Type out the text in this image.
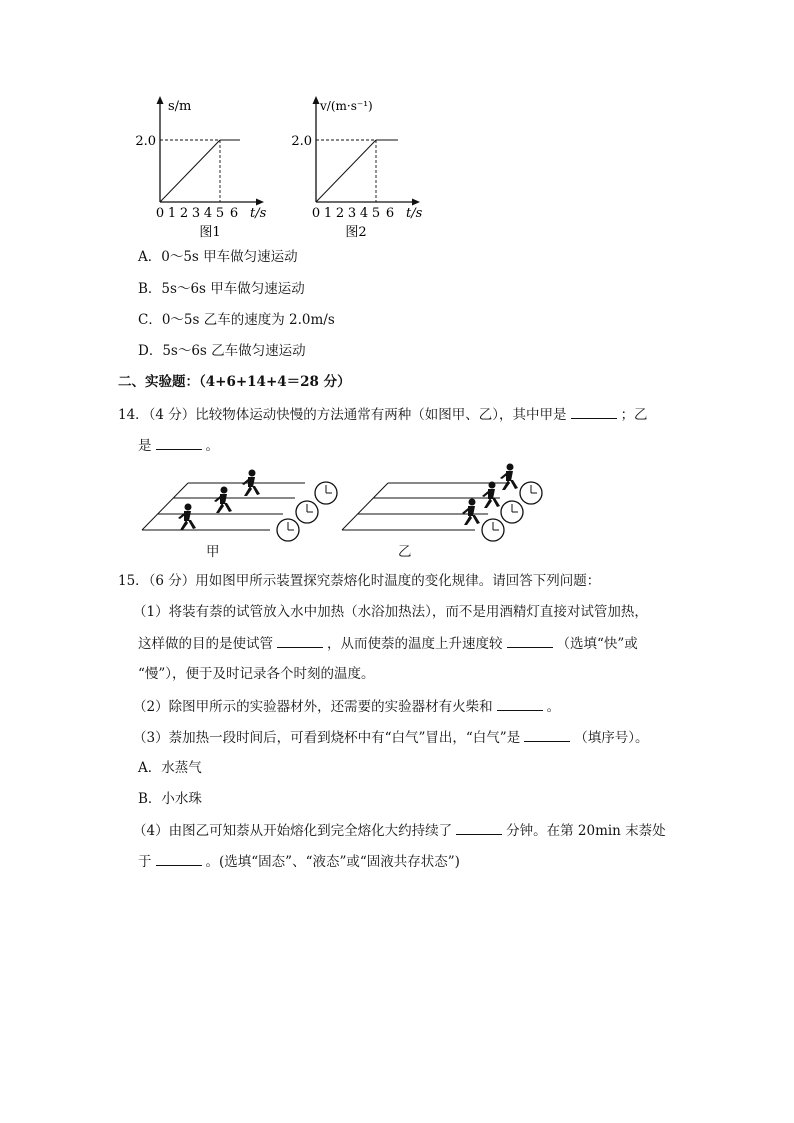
s/m
2.0
0 1 2 3 4 5 6 t/s
图1
v/(m·s⁻¹)
2.0
0 1 2 3 4 5 6 t/s
图2
A．0～5s 甲车做匀速运动
B．5s～6s 甲车做匀速运动
C．0～5s 乙车的速度为 2.0m/s
D．5s～6s 乙车做匀速运动
二、实验题：（4+6+14+4＝28 分）
14．（4 分）比较物体运动快慢的方法通常有两种（如图甲、乙），其中甲是	；乙
是	。
甲	乙
15．（6 分）用如图甲所示装置探究萘熔化时温度的变化规律。请回答下列问题：
（1）将装有萘的试管放入水中加热（水浴加热法），而不是用酒精灯直接对试管加热，
这样做的目的是使试管	，从而使萘的温度上升速度较	（选填“快”或
“慢”），便于及时记录各个时刻的温度。
（2）除图甲所示的实验器材外，还需要的实验器材有火柴和	。
（3）萘加热一段时间后，可看到烧杯中有“白气”冒出，“白气”是	（填序号）。
A．水蒸气
B．小水珠
（4）由图乙可知萘从开始熔化到完全熔化大约持续了	分钟。在第 20min 末萘处
于	。(选填“固态”、“液态”或“固液共存状态”)
